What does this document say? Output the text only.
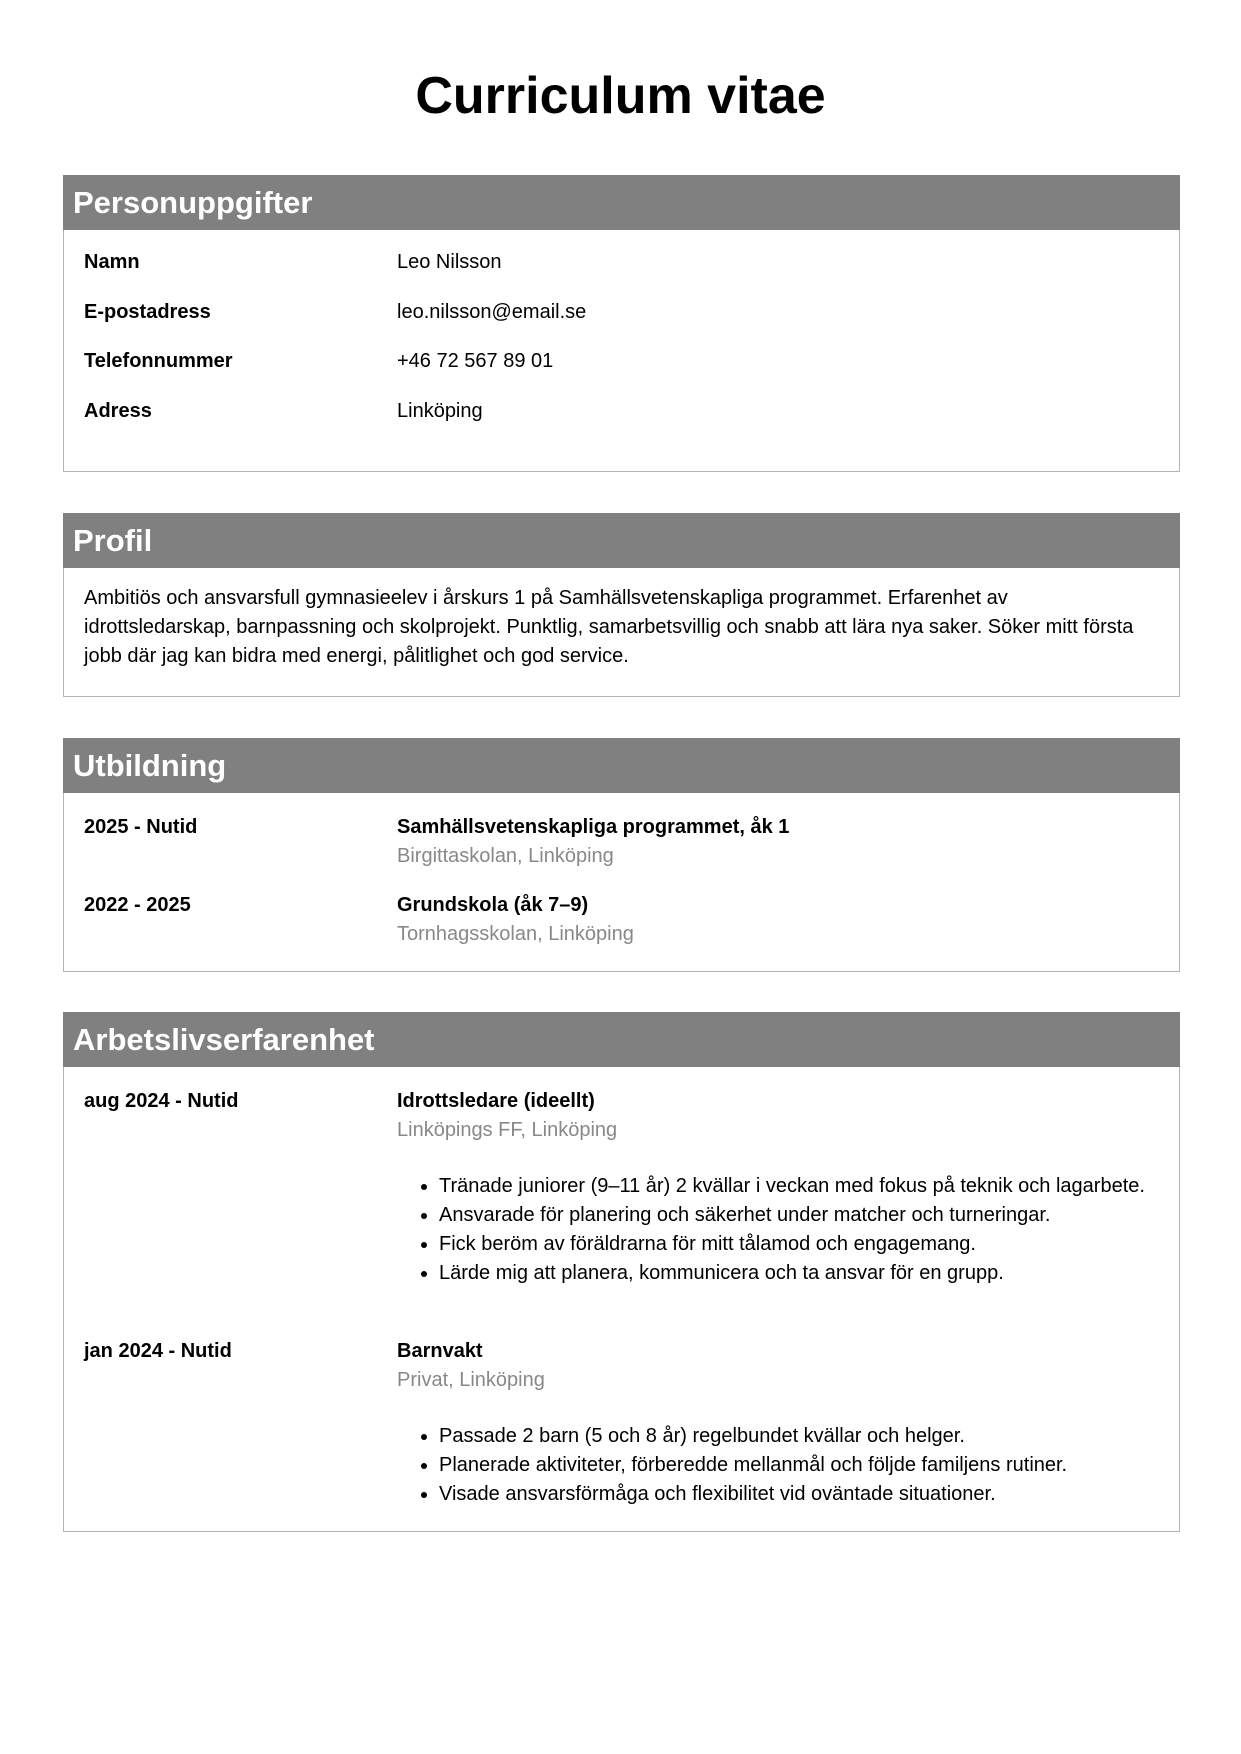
Curriculum vitae
Personuppgifter
Namn	Leo Nilsson
E-postadress	leo.nilsson@email.se
Telefonnummer	+46 72 567 89 01
Adress	Linköping
Profil
Ambitiös och ansvarsfull gymnasieelev i årskurs 1 på Samhällsvetenskapliga programmet. Erfarenhet av idrottsledarskap, barnpassning och skolprojekt. Punktlig, samarbetsvillig och snabb att lära nya saker. Söker mitt första jobb där jag kan bidra med energi, pålitlighet och god service.
Utbildning
2025 - Nutid	Samhällsvetenskapliga programmet, åk 1
Birgittaskolan, Linköping
2022 - 2025	Grundskola (åk 7–9)
Tornhagsskolan, Linköping
Arbetslivserfarenhet
aug 2024 - Nutid	Idrottsledare (ideellt)
Linköpings FF, Linköping
• Tränade juniorer (9–11 år) 2 kvällar i veckan med fokus på teknik och lagarbete.
• Ansvarade för planering och säkerhet under matcher och turneringar.
• Fick beröm av föräldrarna för mitt tålamod och engagemang.
• Lärde mig att planera, kommunicera och ta ansvar för en grupp.
jan 2024 - Nutid	Barnvakt
Privat, Linköping
• Passade 2 barn (5 och 8 år) regelbundet kvällar och helger.
• Planerade aktiviteter, förberedde mellanmål och följde familjens rutiner.
• Visade ansvarsförmåga och flexibilitet vid oväntade situationer.
